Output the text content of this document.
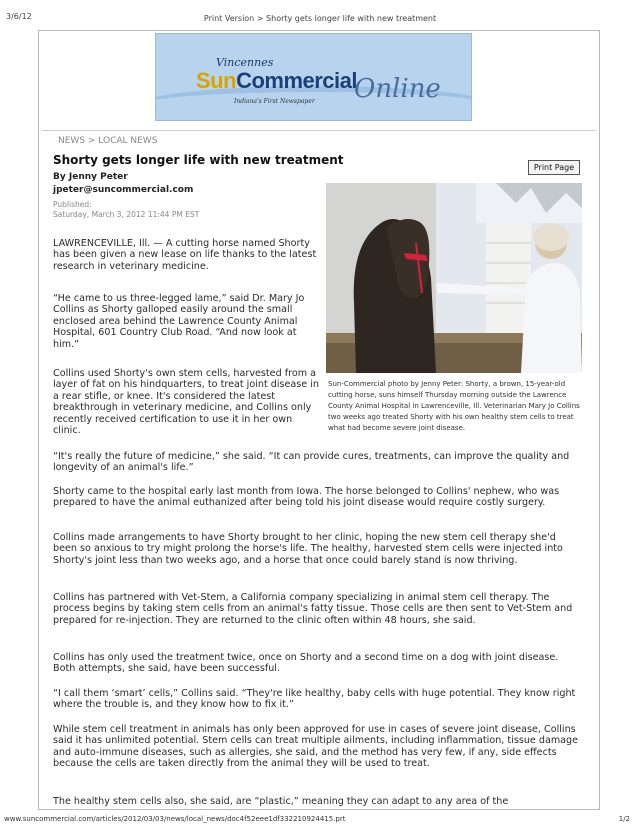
3/6/12	Print Version > Shorty gets longer life with new treatment
Vincennes
SunCommercial
Online
Indiana's First Newspaper
NEWS > LOCAL NEWS
Shorty gets longer life with new treatment
Print Page
By Jenny Peter
jpeter@suncommercial.com
Published:
Saturday, March 3, 2012 11:44 PM EST
Sun-Commercial photo by Jenny Peter: Shorty, a brown, 15-year-old cutting horse, suns himself Thursday morning outside the Lawrence County Animal Hospital in Lawrenceville, Ill. Veterinarian Mary Jo Collins two weeks ago treated Shorty with his own healthy stem cells to treat what had become severe joint disease.

LAWRENCEVILLE, Ill. — A cutting horse named Shorty has been given a new lease on life thanks to the latest research in veterinary medicine.

“He came to us three-legged lame,” said Dr. Mary Jo Collins as Shorty galloped easily around the small enclosed area behind the Lawrence County Animal Hospital, 601 Country Club Road. “And now look at him.”

Collins used Shorty's own stem cells, harvested from a layer of fat on his hindquarters, to treat joint disease in a rear stifle, or knee. It's considered the latest breakthrough in veterinary medicine, and Collins only recently received certification to use it in her own clinic.

“It's really the future of medicine,” she said. “It can provide cures, treatments, can improve the quality and longevity of an animal's life.”

Shorty came to the hospital early last month from Iowa. The horse belonged to Collins' nephew, who was prepared to have the animal euthanized after being told his joint disease would require costly surgery.

Collins made arrangements to have Shorty brought to her clinic, hoping the new stem cell therapy she'd been so anxious to try might prolong the horse's life. The healthy, harvested stem cells were injected into Shorty's joint less than two weeks ago, and a horse that once could barely stand is now thriving.

Collins has partnered with Vet-Stem, a California company specializing in animal stem cell therapy. The process begins by taking stem cells from an animal's fatty tissue. Those cells are then sent to Vet-Stem and prepared for re-injection. They are returned to the clinic often within 48 hours, she said.

Collins has only used the treatment twice, once on Shorty and a second time on a dog with joint disease. Both attempts, she said, have been successful.

“I call them ‘smart’ cells,” Collins said. “They're like healthy, baby cells with huge potential. They know right where the trouble is, and they know how to fix it.”

While stem cell treatment in animals has only been approved for use in cases of severe joint disease, Collins said it has unlimited potential. Stem cells can treat multiple ailments, including inflammation, tissue damage and auto-immune diseases, such as allergies, she said, and the method has very few, if any, side effects because the cells are taken directly from the animal they will be used to treat.

The healthy stem cells also, she said, are “plastic,” meaning they can adapt to any area of the

www.suncommercial.com/articles/2012/03/03/news/local_news/doc4f52eee1df332210924415.prt	1/2
